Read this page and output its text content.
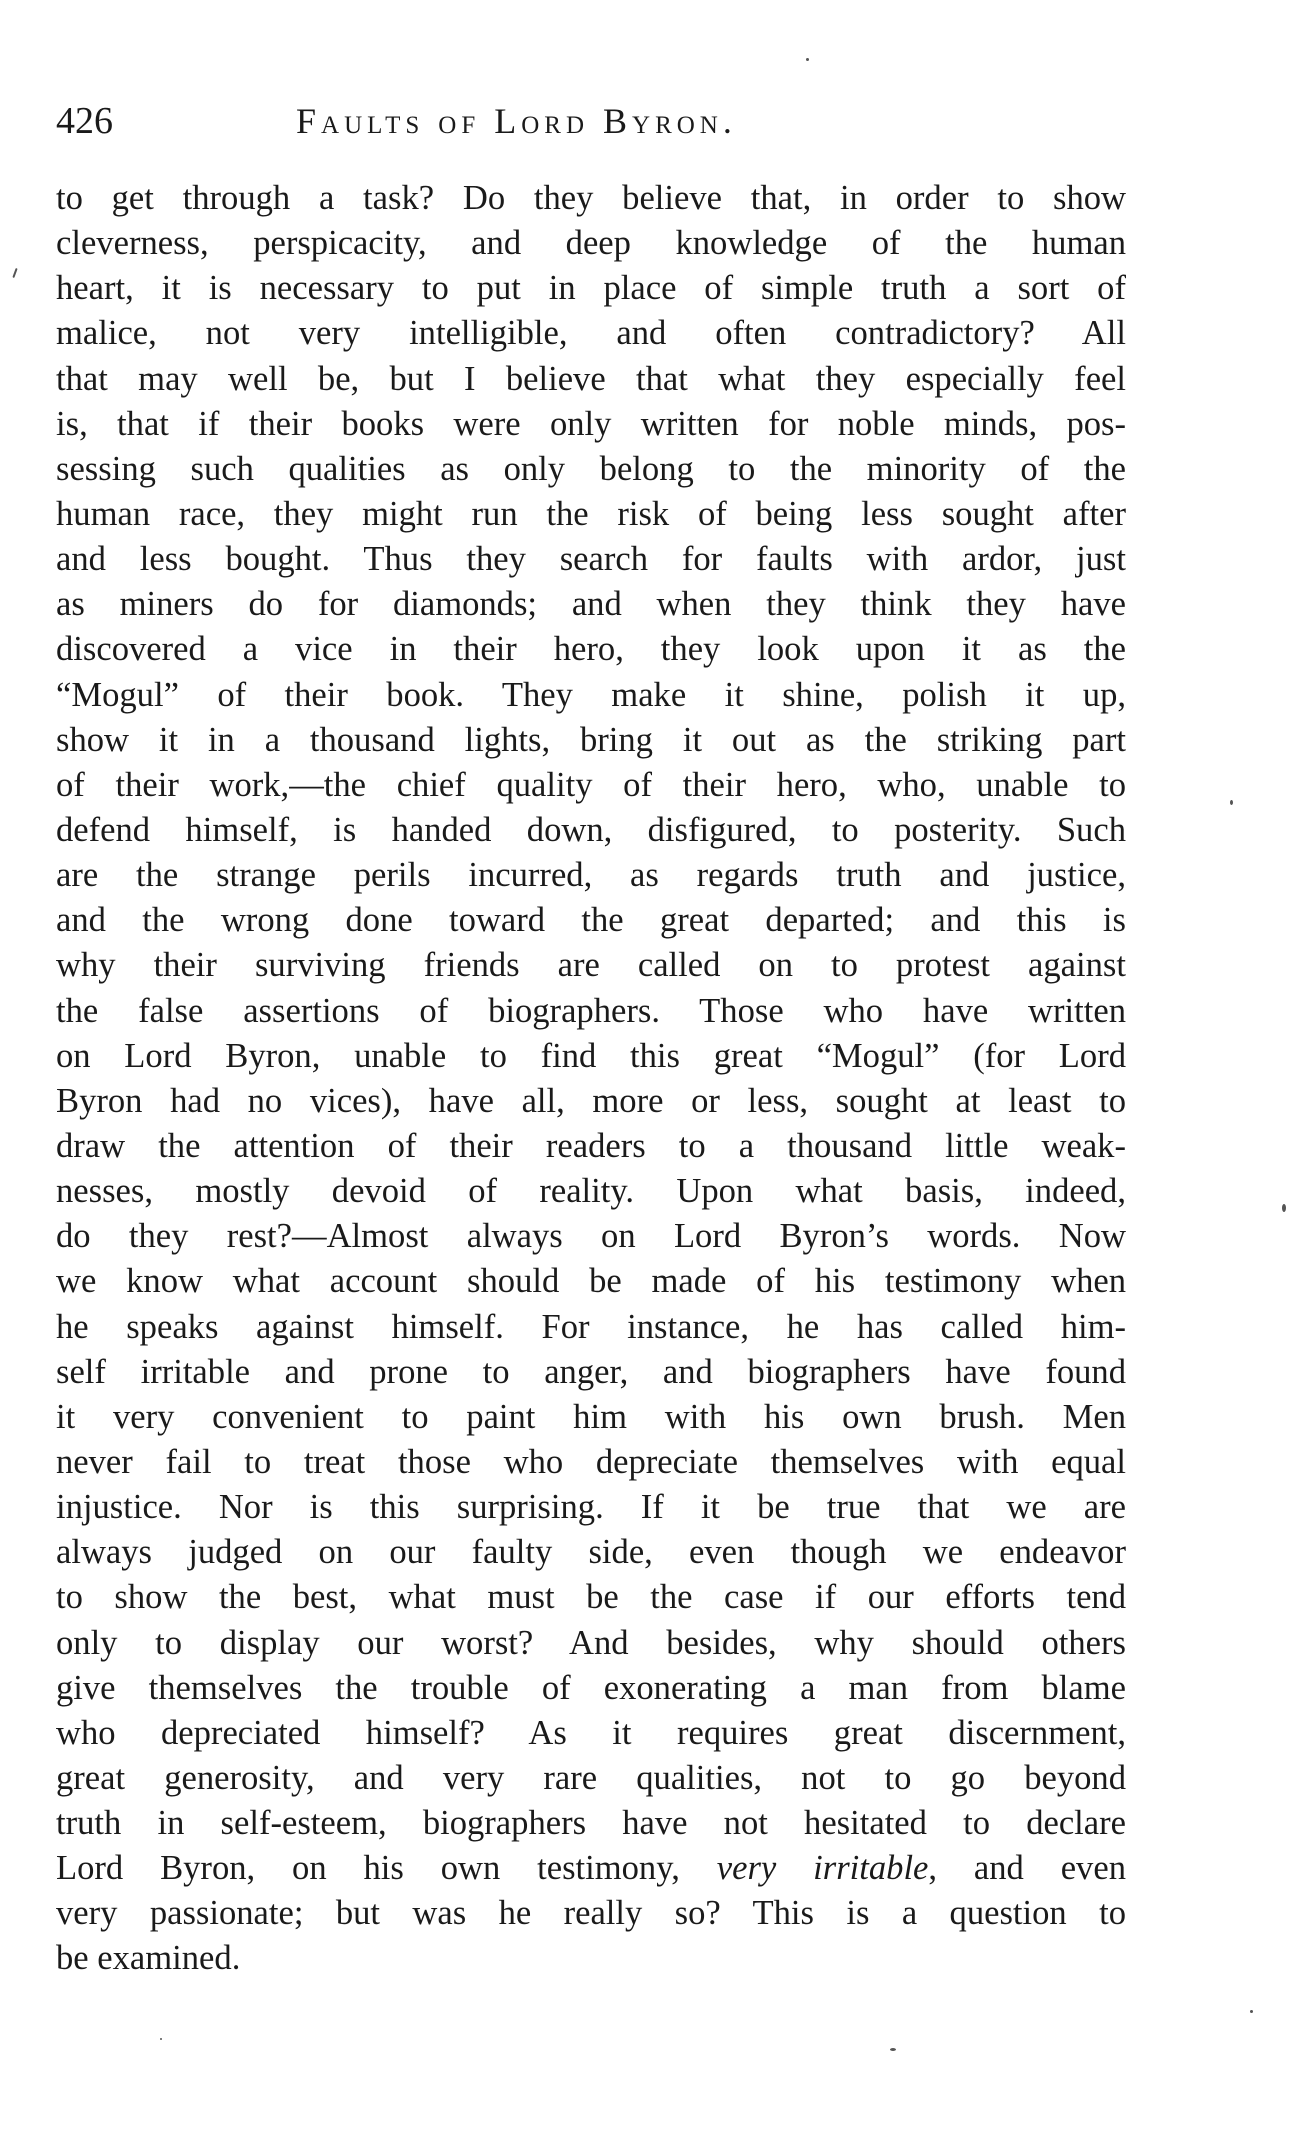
426	Faults of Lord Byron.
to get through a task? Do they believe that, in order to show
cleverness, perspicacity, and deep knowledge of the human
heart, it is necessary to put in place of simple truth a sort of
malice, not very intelligible, and often contradictory? All
that may well be, but I believe that what they especially feel
is, that if their books were only written for noble minds, pos-
sessing such qualities as only belong to the minority of the
human race, they might run the risk of being less sought after
and less bought. Thus they search for faults with ardor, just
as miners do for diamonds; and when they think they have
discovered a vice in their hero, they look upon it as the
“Mogul” of their book. They make it shine, polish it up,
show it in a thousand lights, bring it out as the striking part
of their work,—the chief quality of their hero, who, unable to
defend himself, is handed down, disfigured, to posterity. Such
are the strange perils incurred, as regards truth and justice,
and the wrong done toward the great departed; and this is
why their surviving friends are called on to protest against
the false assertions of biographers. Those who have written
on Lord Byron, unable to find this great “Mogul” (for Lord
Byron had no vices), have all, more or less, sought at least to
draw the attention of their readers to a thousand little weak-
nesses, mostly devoid of reality. Upon what basis, indeed,
do they rest?—Almost always on Lord Byron’s words. Now
we know what account should be made of his testimony when
he speaks against himself. For instance, he has called him-
self irritable and prone to anger, and biographers have found
it very convenient to paint him with his own brush. Men
never fail to treat those who depreciate themselves with equal
injustice. Nor is this surprising. If it be true that we are
always judged on our faulty side, even though we endeavor
to show the best, what must be the case if our efforts tend
only to display our worst? And besides, why should others
give themselves the trouble of exonerating a man from blame
who depreciated himself? As it requires great discernment,
great generosity, and very rare qualities, not to go beyond
truth in self-esteem, biographers have not hesitated to declare
Lord Byron, on his own testimony, very irritable, and even
very passionate; but was he really so? This is a question to
be examined.
